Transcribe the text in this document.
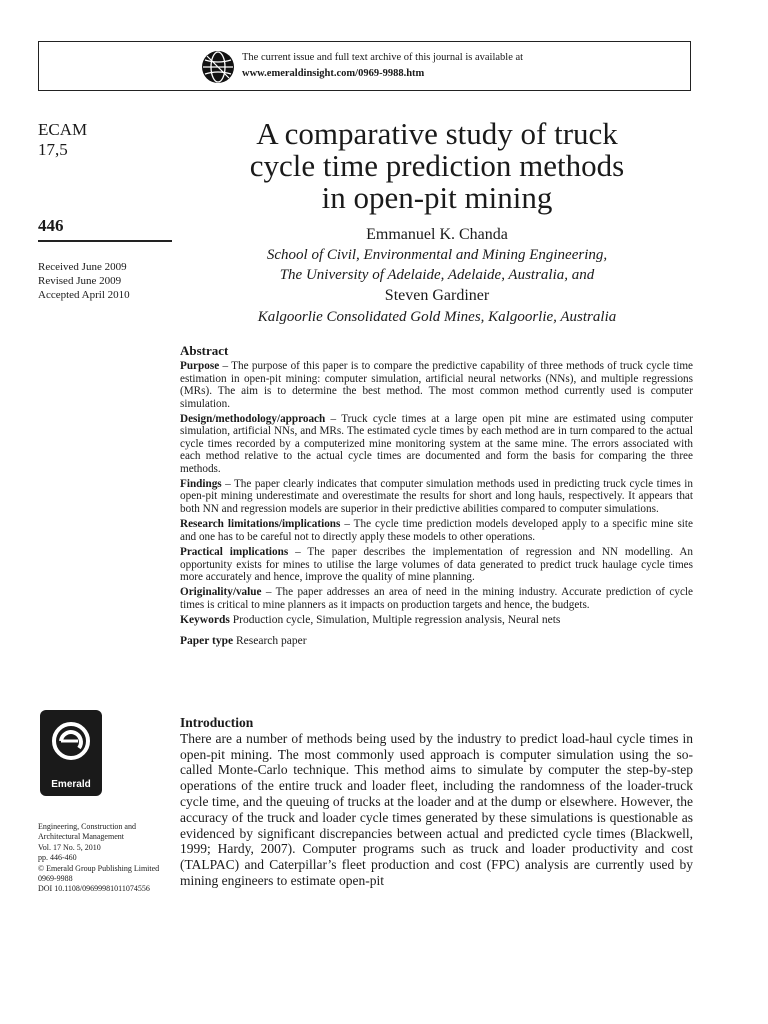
The current issue and full text archive of this journal is available at
www.emeraldinsight.com/0969-9988.htm
ECAM
17,5
446
Received June 2009
Revised June 2009
Accepted April 2010
A comparative study of truck
cycle time prediction methods
in open-pit mining
Emmanuel K. Chanda
School of Civil, Environmental and Mining Engineering,
The University of Adelaide, Adelaide, Australia, and
Steven Gardiner
Kalgoorlie Consolidated Gold Mines, Kalgoorlie, Australia
Abstract
Purpose – The purpose of this paper is to compare the predictive capability of three methods of truck cycle time estimation in open-pit mining: computer simulation, artificial neural networks (NNs), and multiple regressions (MRs). The aim is to determine the best method. The most common method currently used is computer simulation.
Design/methodology/approach – Truck cycle times at a large open pit mine are estimated using computer simulation, artificial NNs, and MRs. The estimated cycle times by each method are in turn compared to the actual cycle times recorded by a computerized mine monitoring system at the same mine. The errors associated with each method relative to the actual cycle times are documented and form the basis for comparing the three methods.
Findings – The paper clearly indicates that computer simulation methods used in predicting truck cycle times in open-pit mining underestimate and overestimate the results for short and long hauls, respectively. It appears that both NN and regression models are superior in their predictive abilities compared to computer simulations.
Research limitations/implications – The cycle time prediction models developed apply to a specific mine site and one has to be careful not to directly apply these models to other operations.
Practical implications – The paper describes the implementation of regression and NN modelling. An opportunity exists for mines to utilise the large volumes of data generated to predict truck haulage cycle times more accurately and hence, improve the quality of mine planning.
Originality/value – The paper addresses an area of need in the mining industry. Accurate prediction of cycle times is critical to mine planners as it impacts on production targets and hence, the budgets.
Keywords Production cycle, Simulation, Multiple regression analysis, Neural nets
Paper type Research paper
Emerald
Engineering, Construction and
Architectural Management
Vol. 17 No. 5, 2010
pp. 446-460
© Emerald Group Publishing Limited
0969-9988
DOI 10.1108/09699981011074556
Introduction
There are a number of methods being used by the industry to predict load-haul cycle times in open-pit mining. The most commonly used approach is computer simulation using the so-called Monte-Carlo technique. This method aims to simulate by computer the step-by-step operations of the entire truck and loader fleet, including the randomness of the loader-truck cycle time, and the queuing of trucks at the loader and at the dump or elsewhere. However, the accuracy of the truck and loader cycle times generated by these simulations is questionable as evidenced by significant discrepancies between actual and predicted cycle times (Blackwell, 1999; Hardy, 2007). Computer programs such as truck and loader productivity and cost (TALPAC) and Caterpillar’s fleet production and cost (FPC) analysis are currently used by mining engineers to estimate open-pit
